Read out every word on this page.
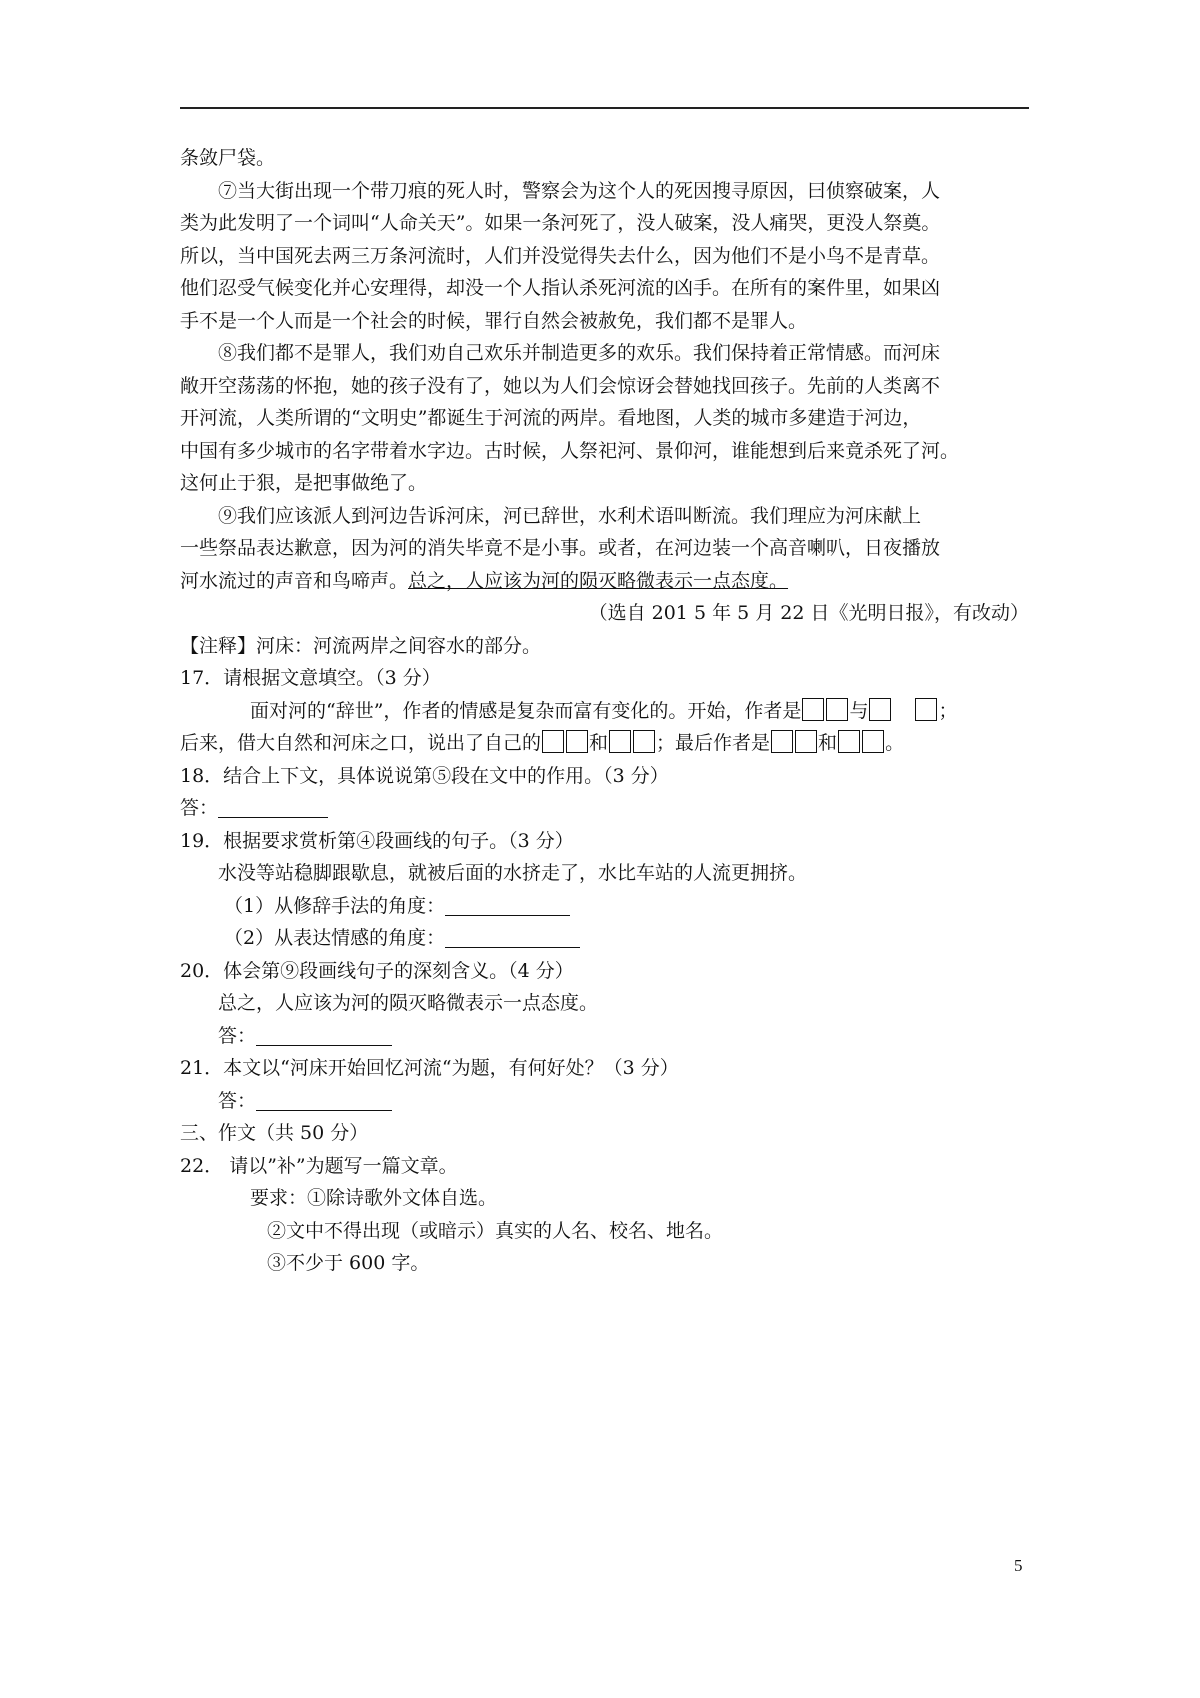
条敛尸袋。
⑦当大街出现一个带刀痕的死人时，警察会为这个人的死因搜寻原因，曰侦察破案，人
类为此发明了一个词叫“人命关天”。如果一条河死了，没人破案，没人痛哭，更没人祭奠。
所以，当中国死去两三万条河流时，人们并没觉得失去什么，因为他们不是小鸟不是青草。
他们忍受气候变化并心安理得，却没一个人指认杀死河流的凶手。在所有的案件里，如果凶
手不是一个人而是一个社会的时候，罪行自然会被赦免，我们都不是罪人。
⑧我们都不是罪人，我们劝自己欢乐并制造更多的欢乐。我们保持着正常情感。而河床
敞开空荡荡的怀抱，她的孩子没有了，她以为人们会惊讶会替她找回孩子。先前的人类离不
开河流，人类所谓的“文明史”都诞生于河流的两岸。看地图，人类的城市多建造于河边，
中国有多少城市的名字带着水字边。古时候，人祭祀河、景仰河，谁能想到后来竟杀死了河。
这何止于狠，是把事做绝了。
⑨我们应该派人到河边告诉河床，河已辞世，水利术语叫断流。我们理应为河床献上
一些祭品表达歉意，因为河的消失毕竟不是小事。或者，在河边装一个高音喇叭，日夜播放
河水流过的声音和鸟啼声。总之，人应该为河的陨灭略微表示一点态度。
（选自 201 5 年 5 月 22 日《光明日报》，有改动）
【注释】河床：河流两岸之间容水的部分。
17．请根据文意填空。（3 分）
面对河的“辞世”，作者的情感是复杂而富有变化的。开始，作者是	与	；
后来，借大自然和河床之口，说出了自己的	和	；最后作者是	和	。
18．结合上下文，具体说说第⑤段在文中的作用。（3 分）
答：
19．根据要求赏析第④段画线的句子。（3 分）
水没等站稳脚跟歇息，就被后面的水挤走了，水比车站的人流更拥挤。
（1）从修辞手法的角度：
（2）从表达情感的角度：
20．体会第⑨段画线句子的深刻含义。（4 分）
总之，人应该为河的陨灭略微表示一点态度。
答：
21．本文以“河床开始回忆河流“为题，有何好处？（3 分）
答：
三、作文（共 50 分）
22． 请以”补”为题写一篇文章。
要求：①除诗歌外文体自选。
②文中不得出现（或暗示）真实的人名、校名、地名。
③不少于 600 字。
5
